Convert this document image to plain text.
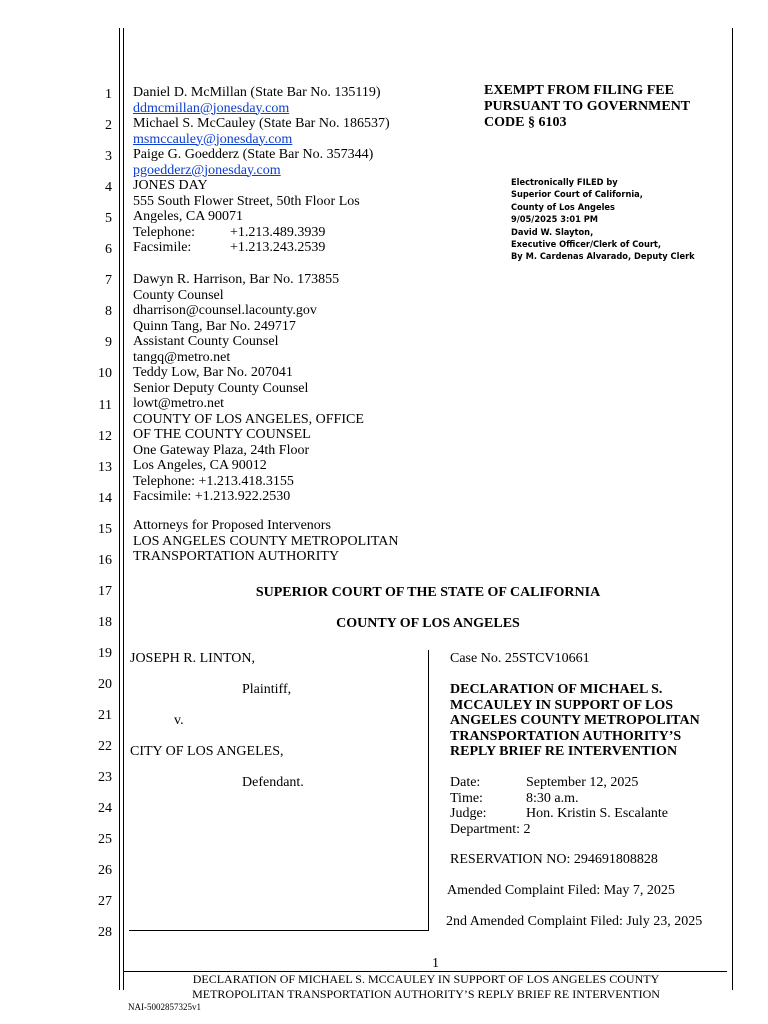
1
2
3
4
5
6
7
8
9
10
11
12
13
14
15
16
17
18
19
20
21
22
23
24
25
26
27
28
Daniel D. McMillan (State Bar No. 135119)
ddmcmillan@jonesday.com
Michael S. McCauley (State Bar No. 186537)
msmccauley@jonesday.com
Paige G. Goedderz (State Bar No. 357344)
pgoedderz@jonesday.com
JONES DAY
555 South Flower Street, 50th Floor Los
Angeles, CA 90071
Telephone:	+1.213.489.3939
Facsimile:	+1.213.243.2539
Dawyn R. Harrison, Bar No. 173855
County Counsel
dharrison@counsel.lacounty.gov
Quinn Tang, Bar No. 249717
Assistant County Counsel
tangq@metro.net
Teddy Low, Bar No. 207041
Senior Deputy County Counsel
lowt@metro.net
COUNTY OF LOS ANGELES, OFFICE
OF THE COUNTY COUNSEL
One Gateway Plaza, 24th Floor
Los Angeles, CA 90012
Telephone: +1.213.418.3155
Facsimile: +1.213.922.2530
Attorneys for Proposed Intervenors
LOS ANGELES COUNTY METROPOLITAN
TRANSPORTATION AUTHORITY
EXEMPT FROM FILING FEE
PURSUANT TO GOVERNMENT
CODE § 6103
Electronically FILED by
Superior Court of California,
County of Los Angeles
9/05/2025 3:01 PM
David W. Slayton,
Executive Officer/Clerk of Court,
By M. Cardenas Alvarado, Deputy Clerk
SUPERIOR COURT OF THE STATE OF CALIFORNIA
COUNTY OF LOS ANGELES
JOSEPH R. LINTON,
Plaintiff,
v.
CITY OF LOS ANGELES,
Defendant.
Case No. 25STCV10661
DECLARATION OF MICHAEL S.
MCCAULEY IN SUPPORT OF LOS
ANGELES COUNTY METROPOLITAN
TRANSPORTATION AUTHORITY’S
REPLY BRIEF RE INTERVENTION
Date:	September 12, 2025
Time:	8:30 a.m.
Judge:	Hon. Kristin S. Escalante
Department: 2
RESERVATION NO: 294691808828
Amended Complaint Filed: May 7, 2025
2nd Amended Complaint Filed: July 23, 2025
1
DECLARATION OF MICHAEL S. MCCAULEY IN SUPPORT OF LOS ANGELES COUNTY
METROPOLITAN TRANSPORTATION AUTHORITY’S REPLY BRIEF RE INTERVENTION
NAI-5002857325v1
